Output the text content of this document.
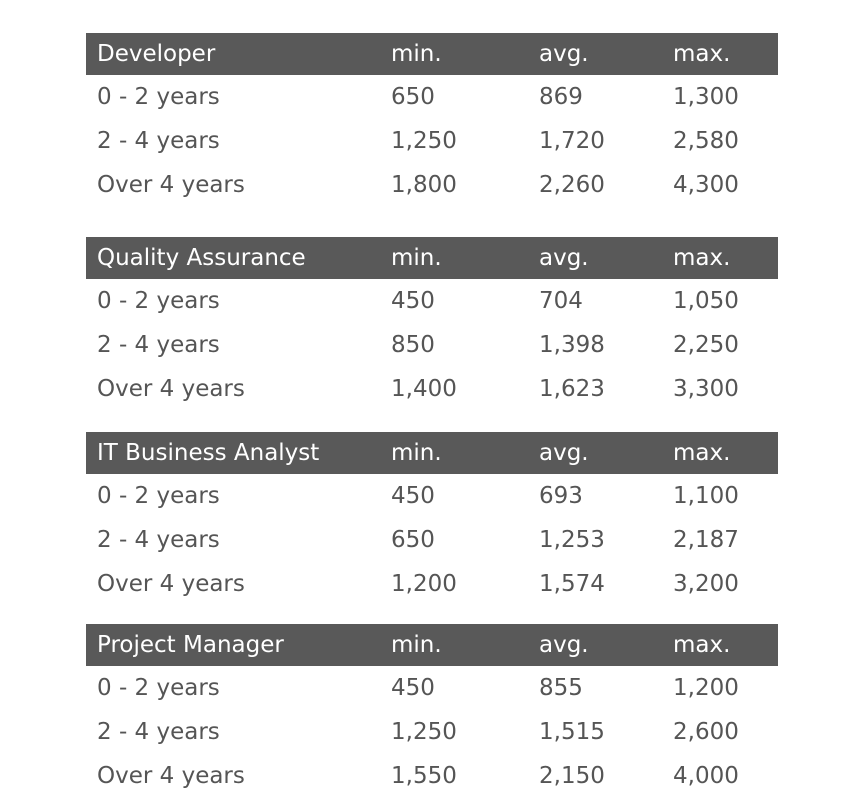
Developer	min.	avg.	max.
0 - 2 years	650	869	1,300
2 - 4 years	1,250	1,720	2,580
Over 4 years	1,800	2,260	4,300
Quality Assurance	min.	avg.	max.
0 - 2 years	450	704	1,050
2 - 4 years	850	1,398	2,250
Over 4 years	1,400	1,623	3,300
IT Business Analyst	min.	avg.	max.
0 - 2 years	450	693	1,100
2 - 4 years	650	1,253	2,187
Over 4 years	1,200	1,574	3,200
Project Manager	min.	avg.	max.
0 - 2 years	450	855	1,200
2 - 4 years	1,250	1,515	2,600
Over 4 years	1,550	2,150	4,000
